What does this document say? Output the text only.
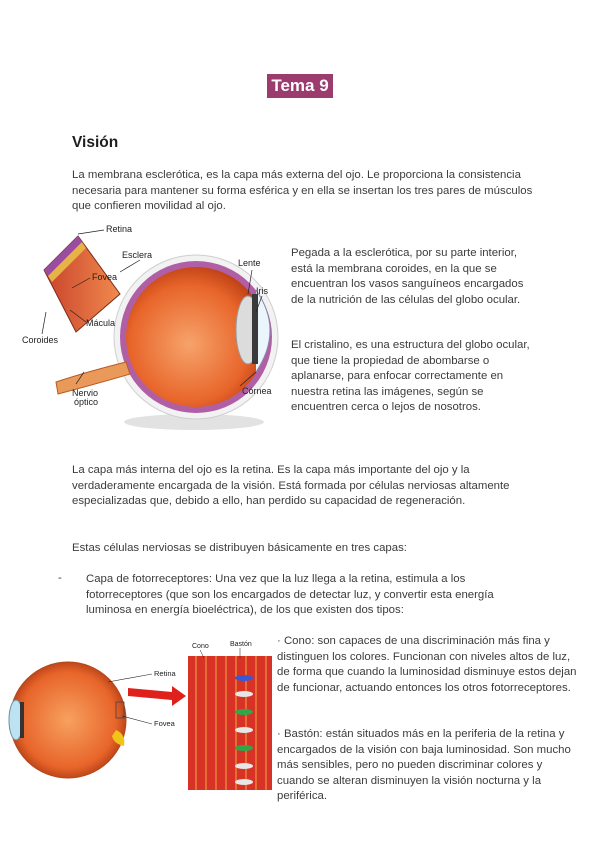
Tema 9
Visión

La membrana esclerótica, es la capa más externa del ojo. Le proporciona la consistencia necesaria para mantener su forma esférica y en ella se insertan los tres pares de músculos que confieren movilidad al ojo.

Retina
Esclera
Fovea
Mácula
Coroides
Nervio
óptico
Lente
Iris
Córnea

Pegada a la esclerótica, por su parte interior, está la membrana coroides, en la que se encuentran los vasos sanguíneos encargados de la nutrición de las células del globo ocular.

El cristalino, es una estructura del globo ocular, que tiene la propiedad de abombarse o aplanarse, para enfocar correctamente en nuestra retina las imágenes, según se encuentren cerca o lejos de nosotros.

La capa más interna del ojo es la retina. Es la capa más importante del ojo y la verdaderamente encargada de la visión. Está formada por células nerviosas altamente especializadas que, debido a ello, han perdido su capacidad de regeneración.

Estas células nerviosas se distribuyen básicamente en tres capas:

- Capa de fotorreceptores: Una vez que la luz llega a la retina, estimula a los fotorreceptores (que son los encargados de detectar luz, y convertir esta energía luminosa en energía bioeléctrica), de los que existen dos tipos:

Retina
Fovea
Cono	Bastón · Cono: son capaces de una discriminación más fina y distinguen los colores. Funcionan con niveles altos de luz, de forma que cuando la luminosidad disminuye estos dejan de funcionar, actuando entonces los otros fotorreceptores.

· Bastón: están situados más en la periferia de la retina y encargados de la visión con baja luminosidad. Son mucho más sensibles, pero no pueden discriminar colores y cuando se alteran disminuyen la visión nocturna y la periférica.
